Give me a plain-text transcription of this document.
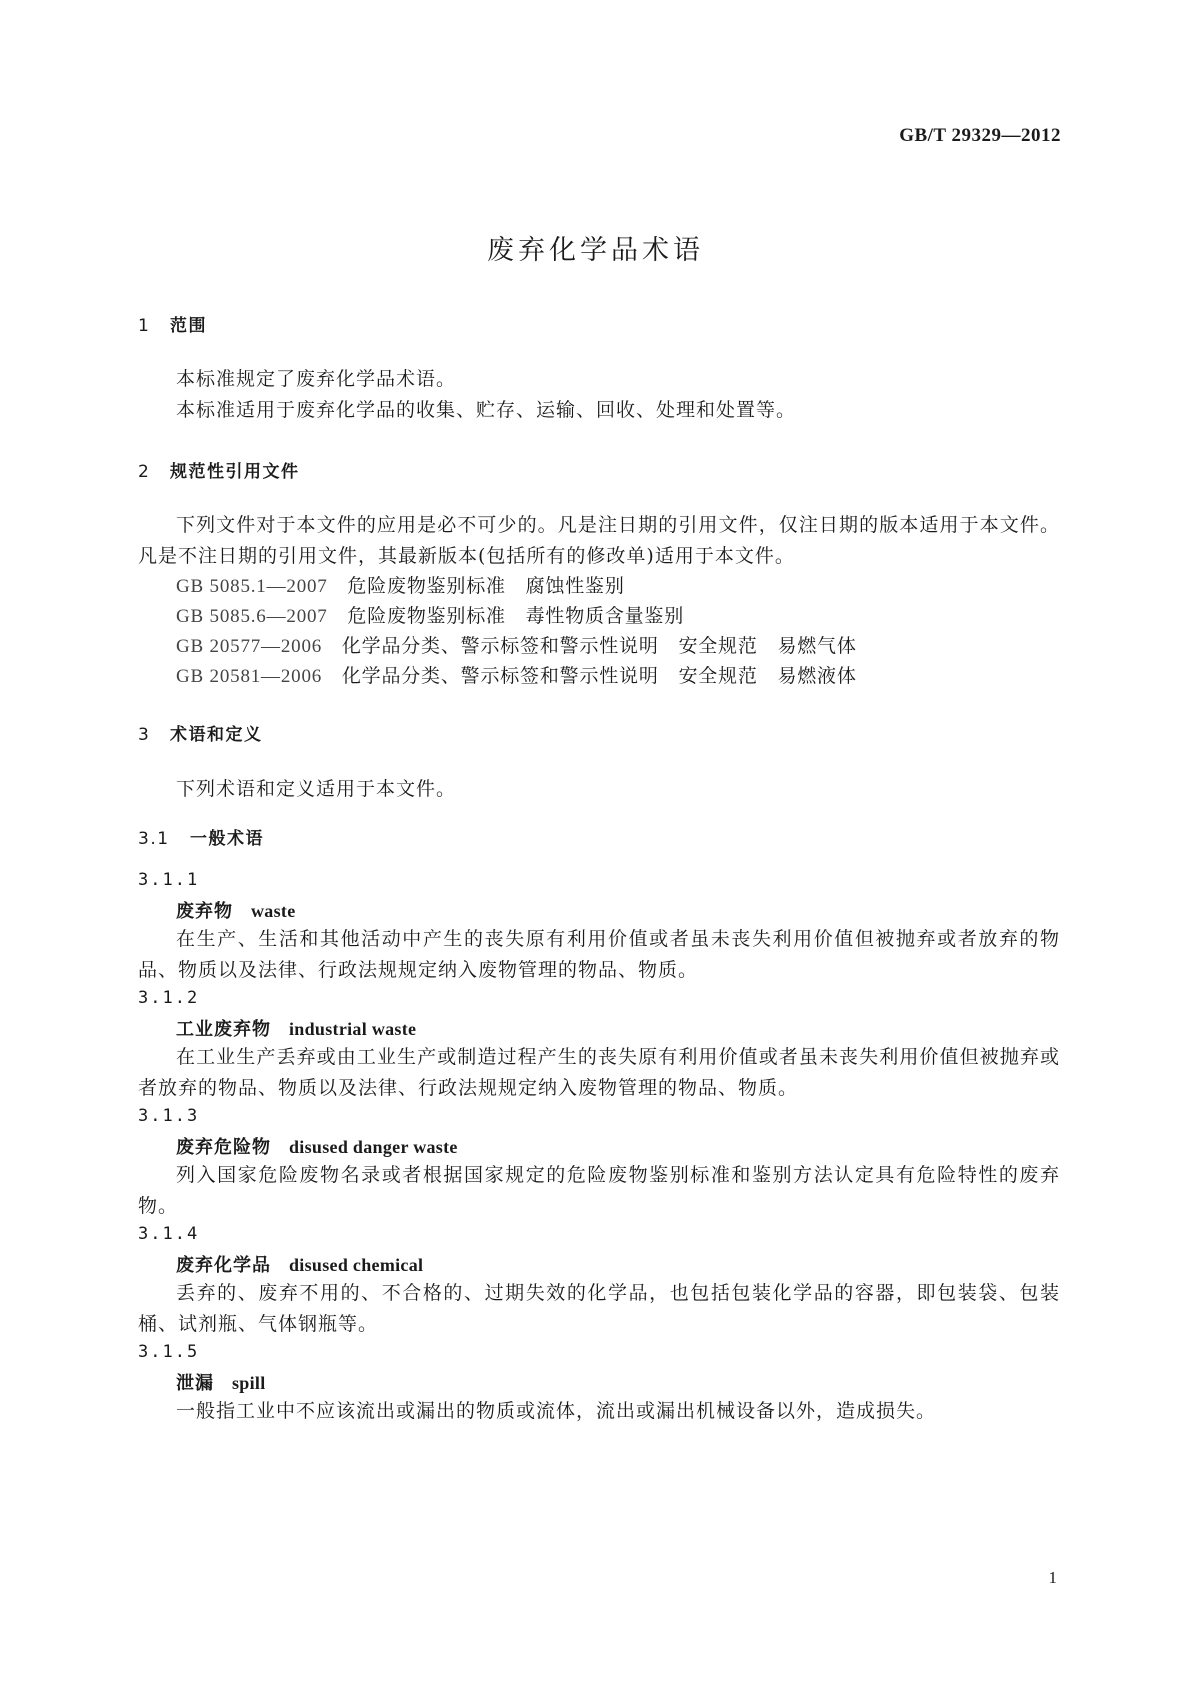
GB/T 29329—2012
废弃化学品术语
1 范围

本标准规定了废弃化学品术语。

本标准适用于废弃化学品的收集、贮存、运输、回收、处理和处置等。

2 规范性引用文件

下列文件对于本文件的应用是必不可少的。凡是注日期的引用文件，仅注日期的版本适用于本文件。凡是不注日期的引用文件，其最新版本(包括所有的修改单)适用于本文件。

GB 5085.1—2007　 危险废物鉴别标准　腐蚀性鉴别
GB 5085.6—2007　 危险废物鉴别标准　毒性物质含量鉴别
GB 20577—2006　 化学品分类、警示标签和警示性说明　安全规范　易燃气体
GB 20581—2006　 化学品分类、警示标签和警示性说明　安全规范　易燃液体
3 术语和定义

下列术语和定义适用于本文件。

3.1 一般术语
3.1.1
废弃物 waste

在生产、生活和其他活动中产生的丧失原有利用价值或者虽未丧失利用价值但被抛弃或者放弃的物品、物质以及法律、行政法规规定纳入废物管理的物品、物质。

3.1.2
工业废弃物 industrial waste

在工业生产丢弃或由工业生产或制造过程产生的丧失原有利用价值或者虽未丧失利用价值但被抛弃或者放弃的物品、物质以及法律、行政法规规定纳入废物管理的物品、物质。

3.1.3
废弃危险物 disused danger waste

列入国家危险废物名录或者根据国家规定的危险废物鉴别标准和鉴别方法认定具有危险特性的废弃物。

3.1.4
废弃化学品 disused chemical

丢弃的、废弃不用的、不合格的、过期失效的化学品，也包括包装化学品的容器，即包装袋、包装桶、试剂瓶、气体钢瓶等。

3.1.5
泄漏 spill

一般指工业中不应该流出或漏出的物质或流体，流出或漏出机械设备以外，造成损失。

1
